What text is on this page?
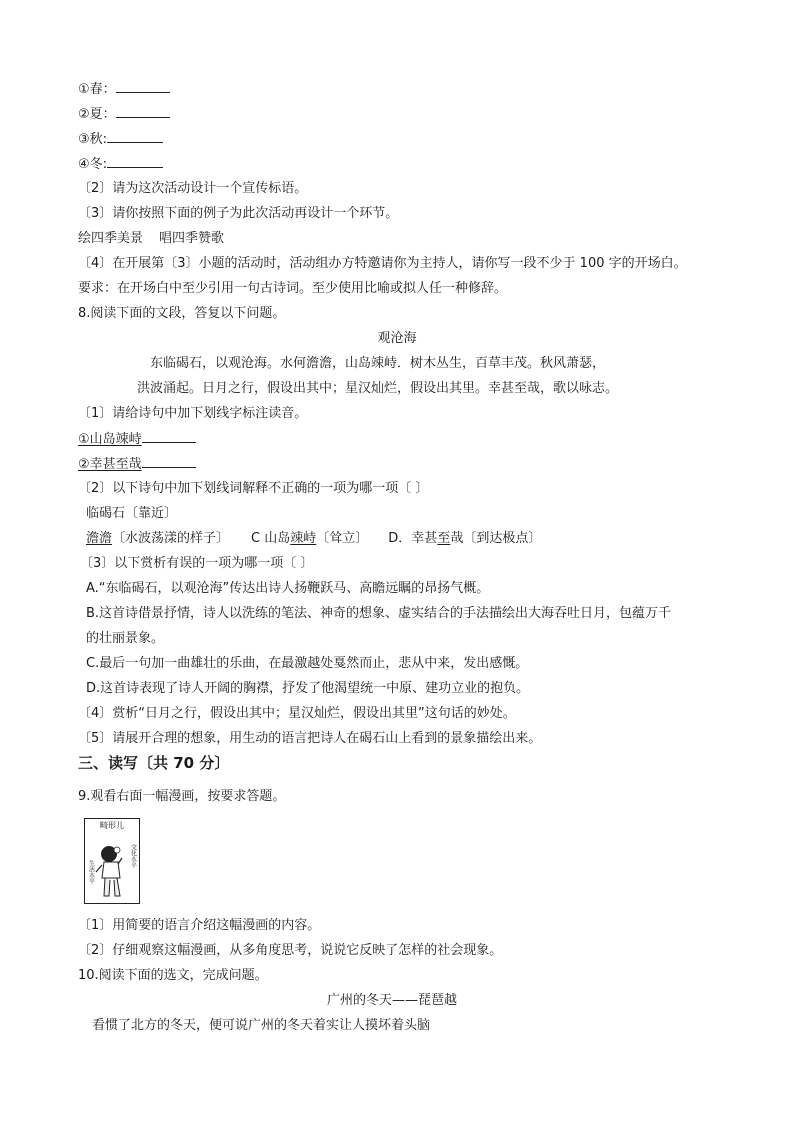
①春：
②夏：
③秋:
④冬:
〔2〕请为这次活动设计一个宣传标语。
〔3〕请你按照下面的例子为此次活动再设计一个环节。
绘四季美景 唱四季赞歌
〔4〕在开展第〔3〕小题的活动时，活动组办方特邀请你为主持人，请你写一段不少于 100 字的开场白。
要求：在开场白中至少引用一句古诗词。至少使用比喻或拟人任一种修辞。
8.阅读下面的文段，答复以下问题。
观沧海
东临碣石，以观沧海。水何澹澹，山岛竦峙．树木丛生，百草丰茂。秋风萧瑟，
洪波涌起。日月之行，假设出其中；星汉灿烂，假设出其里。幸甚至哉，歌以咏志。
〔1〕请给诗句中加下划线字标注读音。
①山岛竦峙
②幸甚至哉
〔2〕以下诗句中加下划线词解释不正确的一项为哪一项〔 〕
临碣石〔靠近〕
澹澹〔水波荡漾的样子〕 C 山岛竦峙〔耸立〕 D．幸甚至哉〔到达极点〕
〔3〕以下赏析有误的一项为哪一项〔 〕
A.“东临碣石，以观沧海”传达出诗人扬鞭跃马、高瞻远瞩的昂扬气概。
B.这首诗借景抒情，诗人以洗练的笔法、神奇的想象、虚实结合的手法描绘出大海吞吐日月，包蕴万千
的壮丽景象。
C.最后一句加一曲雄壮的乐曲，在最激越处戛然而止，悲从中来，发出感慨。
D.这首诗表现了诗人开阔的胸襟，抒发了他渴望统一中原、建功立业的抱负。
〔4〕赏析“日月之行，假设出其中；星汉灿烂，假设出其里”这句话的妙处。
〔5〕请展开合理的想象，用生动的语言把诗人在碣石山上看到的景象描绘出来。
三、读写〔共 70 分〕
9.观看右面一幅漫画，按要求答题。
畸形儿
生活水平
文化水平
〔1〕用简要的语言介绍这幅漫画的内容。
〔2〕仔细观察这幅漫画，从多角度思考，说说它反映了怎样的社会现象。
10.阅读下面的选文，完成问题。
广州的冬天——琵琶越
看惯了北方的冬天，便可说广州的冬天着实让人摸坏着头脑
